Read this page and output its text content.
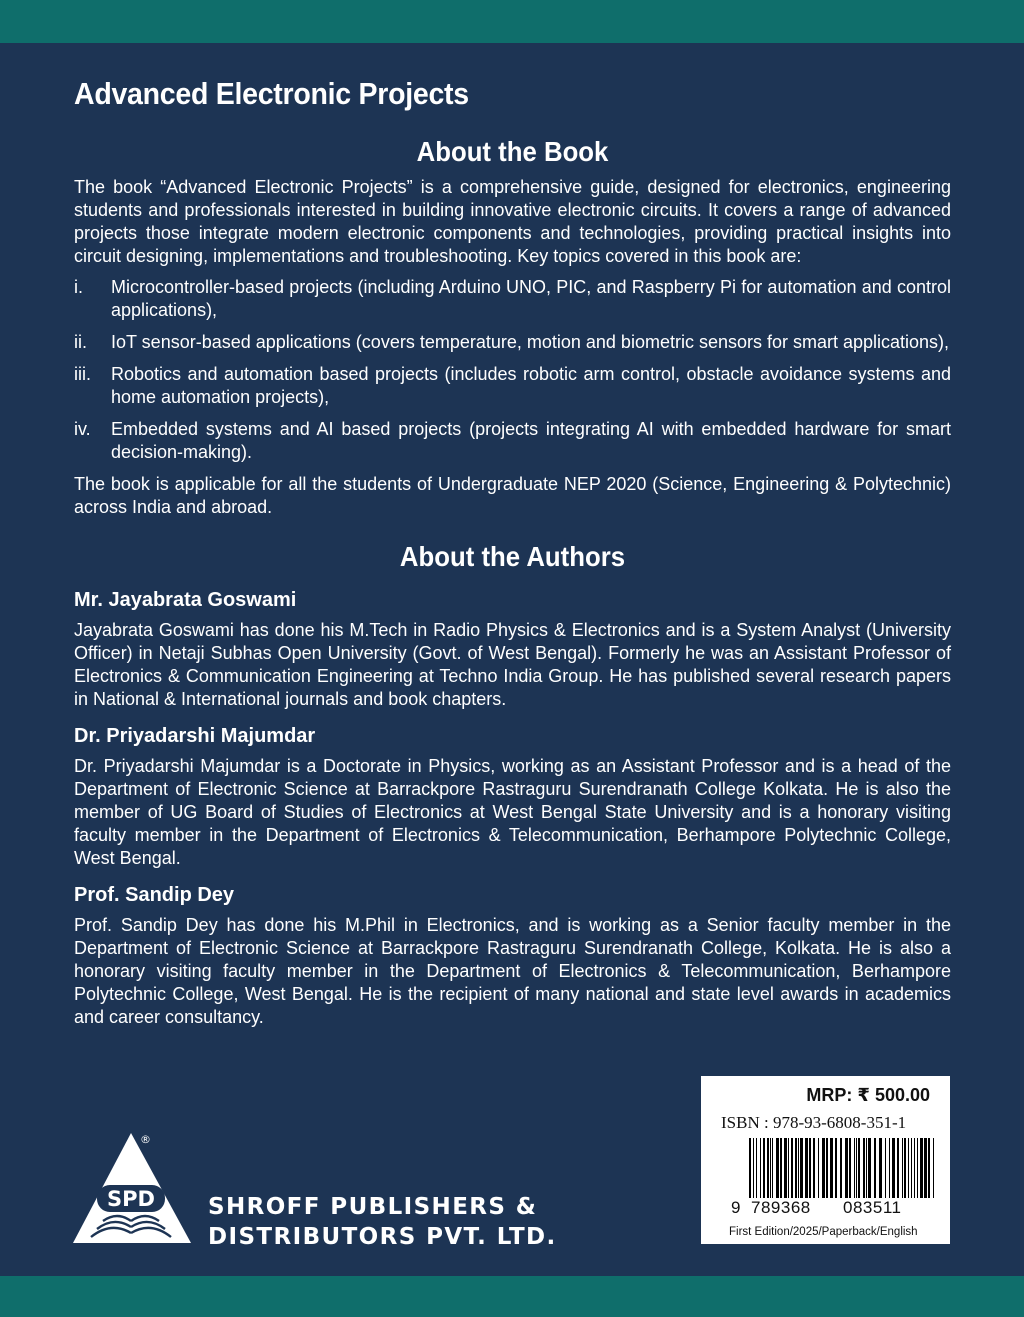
Advanced Electronic Projects
About the Book

The book “Advanced Electronic Projects” is a comprehensive guide, designed for electronics, engineering students and professionals interested in building innovative electronic circuits. It covers a range of advanced projects those integrate modern electronic components and technologies, providing practical insights into circuit designing, implementations and troubleshooting. Key topics covered in this book are:

i.	Microcontroller-based projects (including Arduino UNO, PIC, and Raspberry Pi for automation and control applications),
ii.	IoT sensor-based applications (covers temperature, motion and biometric sensors for smart applications),
iii.	Robotics and automation based projects (includes robotic arm control, obstacle avoidance systems and home automation projects),
iv.	Embedded systems and AI based projects (projects integrating AI with embedded hardware for smart decision-making).

The book is applicable for all the students of Undergraduate NEP 2020 (Science, Engineering & Polytechnic) across India and abroad.

About the Authors
Mr. Jayabrata Goswami

Jayabrata Goswami has done his M.Tech in Radio Physics & Electronics and is a System Analyst (University Officer) in Netaji Subhas Open University (Govt. of West Bengal). Formerly he was an Assistant Professor of Electronics & Communication Engineering at Techno India Group. He has published several research papers in National & International journals and book chapters.

Dr. Priyadarshi Majumdar

Dr. Priyadarshi Majumdar is a Doctorate in Physics, working as an Assistant Professor and is a head of the Department of Electronic Science at Barrackpore Rastraguru Surendranath College Kolkata. He is also the member of UG Board of Studies of Electronics at West Bengal State University and is a honorary visiting faculty member in the Department of Electronics & Telecommunication, Berhampore Polytechnic College, West Bengal.

Prof. Sandip Dey

Prof. Sandip Dey has done his M.Phil in Electronics, and is working as a Senior faculty member in the Department of Electronic Science at Barrackpore Rastraguru Surendranath College, Kolkata. He is also a honorary visiting faculty member in the Department of Electronics & Telecommunication, Berhampore Polytechnic College, West Bengal. He is the recipient of many national and state level awards in academics and career consultancy.

MRP: ₹ 500.00
ISBN : 978-93-6808-351-1
9 789368 083511
First Edition/2025/Paperback/English
SPD
®
SHROFF PUBLISHERS &
DISTRIBUTORS PVT. LTD.
